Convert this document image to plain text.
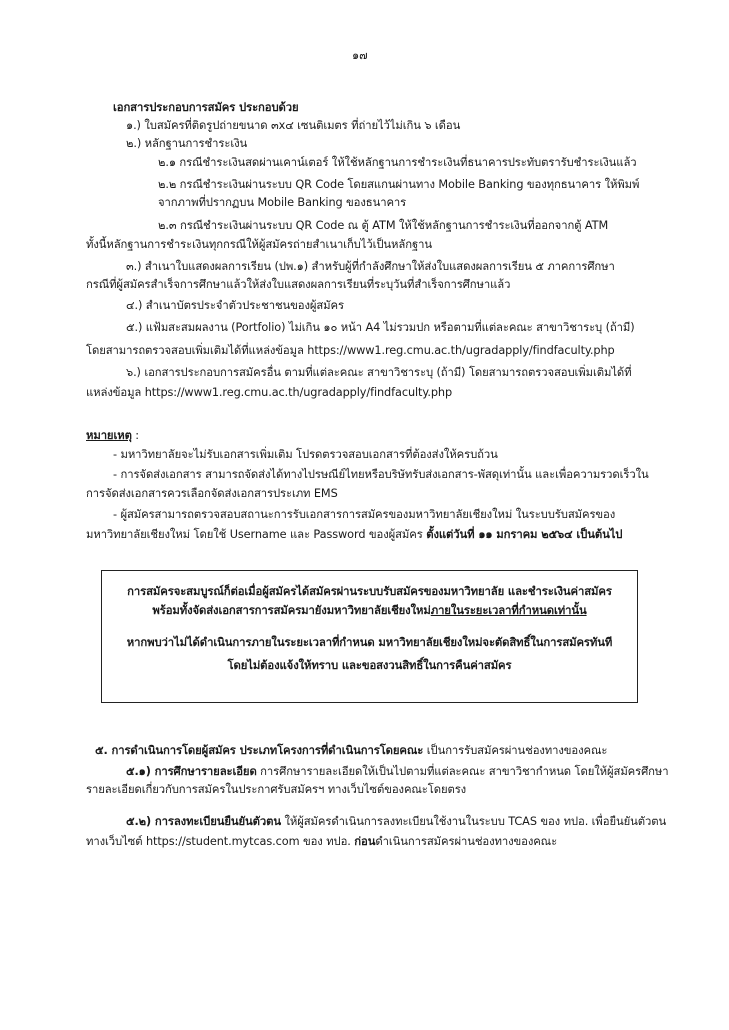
๑๗
เอกสารประกอบการสมัคร ประกอบด้วย
๑.) ใบสมัครที่ติดรูปถ่ายขนาด ๓x๔ เซนติเมตร ที่ถ่ายไว้ไม่เกิน ๖ เดือน
๒.) หลักฐานการชำระเงิน
๒.๑ กรณีชำระเงินสดผ่านเคาน์เตอร์ ให้ใช้หลักฐานการชำระเงินที่ธนาคารประทับตรารับชำระเงินแล้ว
๒.๒ กรณีชำระเงินผ่านระบบ QR Code โดยสแกนผ่านทาง Mobile Banking ของทุกธนาคาร ให้พิมพ์
จากภาพที่ปรากฏบน Mobile Banking ของธนาคาร
๒.๓ กรณีชำระเงินผ่านระบบ QR Code ณ ตู้ ATM ให้ใช้หลักฐานการชำระเงินที่ออกจากตู้ ATM
ทั้งนี้หลักฐานการชำระเงินทุกกรณีให้ผู้สมัครถ่ายสำเนาเก็บไว้เป็นหลักฐาน
๓.) สำเนาใบแสดงผลการเรียน (ปพ.๑) สำหรับผู้ที่กำลังศึกษาให้ส่งใบแสดงผลการเรียน ๕ ภาคการศึกษา
กรณีที่ผู้สมัครสำเร็จการศึกษาแล้วให้ส่งใบแสดงผลการเรียนที่ระบุวันที่สำเร็จการศึกษาแล้ว
๔.) สำเนาบัตรประจำตัวประชาชนของผู้สมัคร
๕.) แฟ้มสะสมผลงาน (Portfolio) ไม่เกิน ๑๐ หน้า A4 ไม่รวมปก หรือตามที่แต่ละคณะ สาขาวิชาระบุ (ถ้ามี)
โดยสามารถตรวจสอบเพิ่มเติมได้ที่แหล่งข้อมูล https://www1.reg.cmu.ac.th/ugradapply/findfaculty.php
๖.) เอกสารประกอบการสมัครอื่น ตามที่แต่ละคณะ สาขาวิชาระบุ (ถ้ามี) โดยสามารถตรวจสอบเพิ่มเติมได้ที่
แหล่งข้อมูล https://www1.reg.cmu.ac.th/ugradapply/findfaculty.php
หมายเหตุ :
- มหาวิทยาลัยจะไม่รับเอกสารเพิ่มเติม โปรดตรวจสอบเอกสารที่ต้องส่งให้ครบถ้วน
- การจัดส่งเอกสาร สามารถจัดส่งได้ทางไปรษณีย์ไทยหรือบริษัทรับส่งเอกสาร-พัสดุเท่านั้น และเพื่อความรวดเร็วใน
การจัดส่งเอกสารควรเลือกจัดส่งเอกสารประเภท EMS
- ผู้สมัครสามารถตรวจสอบสถานะการรับเอกสารการสมัครของมหาวิทยาลัยเชียงใหม่ ในระบบรับสมัครของ
มหาวิทยาลัยเชียงใหม่ โดยใช้ Username และ Password ของผู้สมัคร ตั้งแต่วันที่ ๑๑ มกราคม ๒๕๖๔ เป็นต้นไป
การสมัครจะสมบูรณ์ก็ต่อเมื่อผู้สมัครได้สมัครผ่านระบบรับสมัครของมหาวิทยาลัย และชำระเงินค่าสมัคร
พร้อมทั้งจัดส่งเอกสารการสมัครมายังมหาวิทยาลัยเชียงใหม่ภายในระยะเวลาที่กำหนดเท่านั้น
หากพบว่าไม่ได้ดำเนินการภายในระยะเวลาที่กำหนด มหาวิทยาลัยเชียงใหม่จะตัดสิทธิ์ในการสมัครทันที
โดยไม่ต้องแจ้งให้ทราบ และขอสงวนสิทธิ์ในการคืนค่าสมัคร
๕. การดำเนินการโดยผู้สมัคร ประเภทโครงการที่ดำเนินการโดยคณะ เป็นการรับสมัครผ่านช่องทางของคณะ
๕.๑) การศึกษารายละเอียด การศึกษารายละเอียดให้เป็นไปตามที่แต่ละคณะ สาขาวิชากำหนด โดยให้ผู้สมัครศึกษา
รายละเอียดเกี่ยวกับการสมัครในประกาศรับสมัครฯ ทางเว็บไซต์ของคณะโดยตรง
๕.๒) การลงทะเบียนยืนยันตัวตน ให้ผู้สมัครดำเนินการลงทะเบียนใช้งานในระบบ TCAS ของ ทปอ. เพื่อยืนยันตัวตน
ทางเว็บไซต์ https://student.mytcas.com ของ ทปอ. ก่อนดำเนินการสมัครผ่านช่องทางของคณะ
